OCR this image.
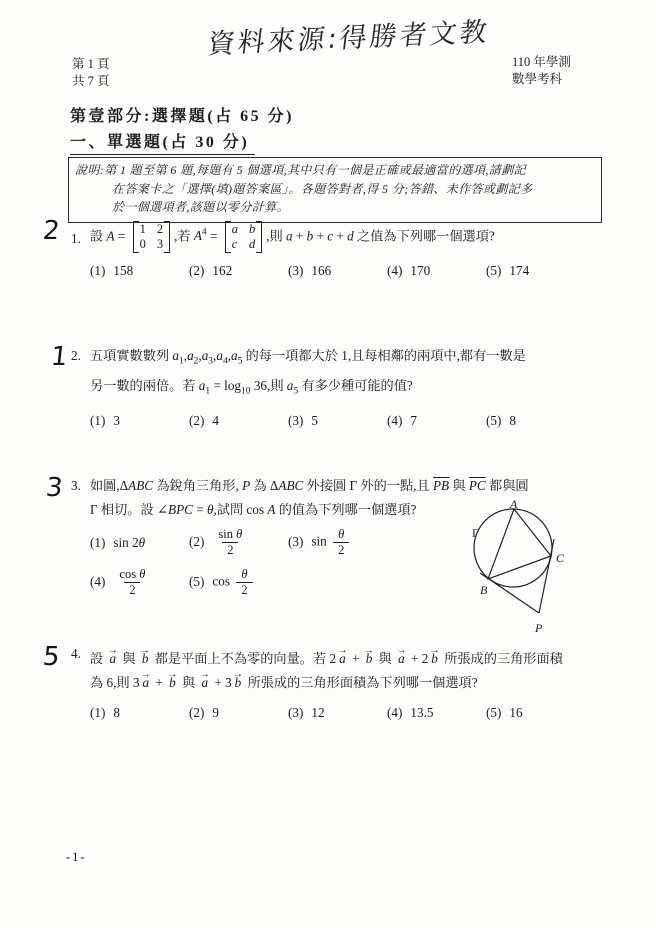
資料來源:得勝者文教
第 1 頁
共 7 頁
110 年學測
數學考科
第壹部分:選擇題(占 65 分)
一、單選題(占 30 分)
說明:第 1 題至第 6 題,每題有 5 個選項,其中只有一個是正確或最適當的選項,請劃記
在答案卡之「選擇(填)題答案區」。各題答對者,得 5 分;答錯、未作答或劃記多
於一個選項者,該題以零分計算。
2 1. 設 A = 1 2
0 3
,若 $A^4 = a$ b
c d
,則 a + b + c + d 之值為下列哪一個選項?
(1) 158	(2) 162	(3) 166	(4) 170	(5) 174
1 2. 五項實數數列 $a_1,a_2,a_3,a_4,a_5$ 的每一項都大於 1,且每相鄰的兩項中,都有一數是
另一數的兩倍。若 $a_1 = \log_{10} 36$,則 $a_5$ 有多少種可能的值?
(1) 3	(2) 4	(3) 5	(4) 7	(5) 8
3 3. 如圖,ΔABC 為銳角三角形, P 為 ΔABC 外接圓 Γ 外的一點,且 $\overline{PB}$ 與 $\overline{PC}$ 都與圓
Γ 相切。設 ∠BPC = θ,試問 cos A 的值為下列哪一個選項?
(1) sin 2θ	$(2) \frac{\text{sin θ}}{2}$	(3) $\sin \frac{\theta}{2}$
$(4) \frac{\text{cos θ}}{2}$	(5) $\cos \frac{\theta}{2}$
Γ
A
B
C
P
5 4. 設 a → 與 b → 都是平面上不為零的向量。若 2 a → + b → 與 a → + 2 b → 所張成的三角形面積
為 6,則 3 a → + b → 與 a → + 3 b → 所張成的三角形面積為下列哪一個選項?
(1) 8	(2) 9	(3) 12	(4) 13.5	(5) 16
-1-
